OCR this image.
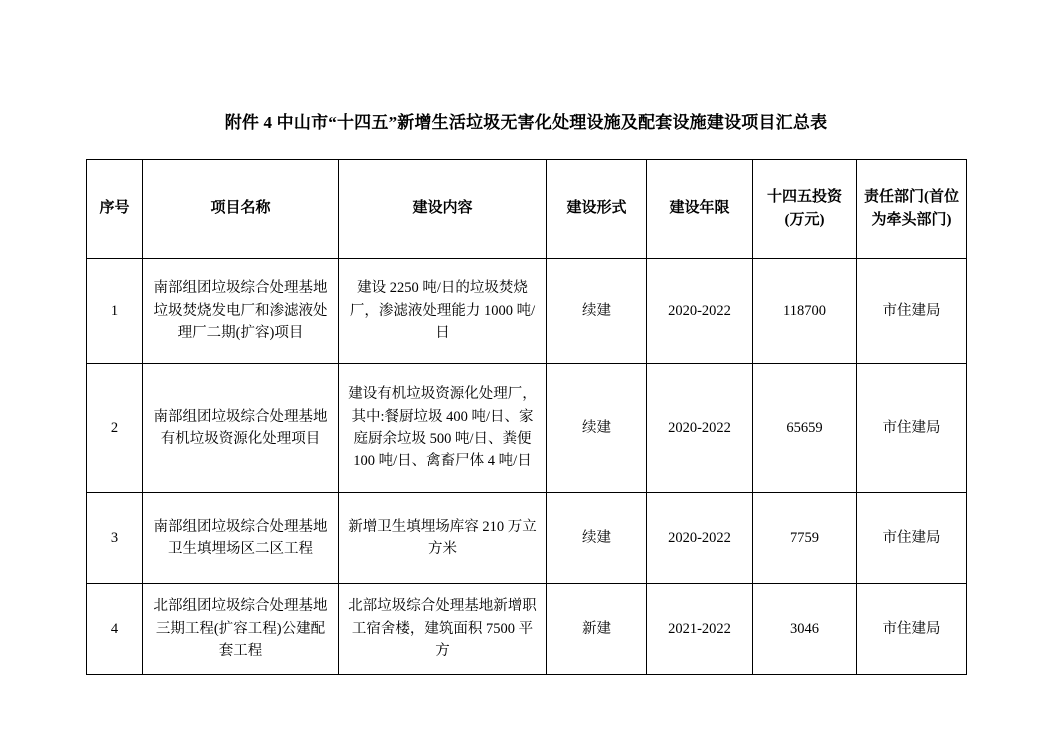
附件 4 中山市“十四五”新增生活垃圾无害化处理设施及配套设施建设项目汇总表
序号	项目名称	建设内容	建设形式	建设年限	十四五投资(万元)	责任部门(首位为牵头部门)
1	南部组团垃圾综合处理基地垃圾焚烧发电厂和渗滤液处理厂二期(扩容)项目	建设 2250 吨/日的垃圾焚烧厂，渗滤液处理能力 1000 吨/日	续建	2020-2022	118700	市住建局
2	南部组团垃圾综合处理基地有机垃圾资源化处理项目	建设有机垃圾资源化处理厂，其中:餐厨垃圾 400 吨/日、家庭厨余垃圾 500 吨/日、粪便 100 吨/日、禽畜尸体 4 吨/日	续建	2020-2022	65659	市住建局
3	南部组团垃圾综合处理基地卫生填埋场区二区工程	新增卫生填埋场库容 210 万立方米	续建	2020-2022	7759	市住建局
4	北部组团垃圾综合处理基地三期工程(扩容工程)公建配套工程	北部垃圾综合处理基地新增职工宿舍楼，建筑面积 7500 平方	新建	2021-2022	3046	市住建局
